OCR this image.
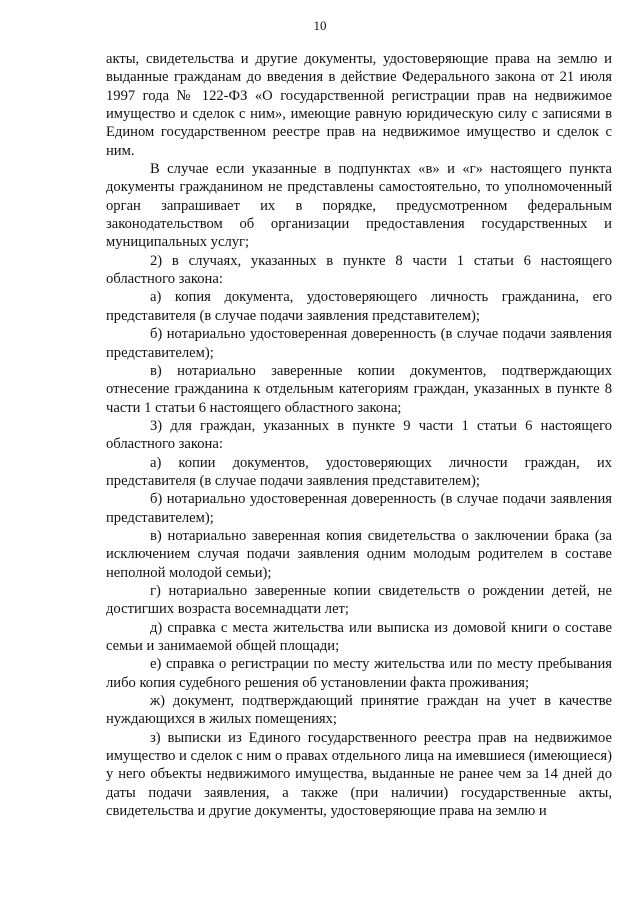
10

акты, свидетельства и другие документы, удостоверяющие права на землю и выданные гражданам до введения в действие Федерального закона от 21 июля 1997 года № 122-ФЗ «О государственной регистрации прав на недвижимое имущество и сделок с ним», имеющие равную юридическую силу с записями в Едином государственном реестре прав на недвижимое имущество и сделок с ним.

В случае если указанные в подпунктах «в» и «г» настоящего пункта документы гражданином не представлены самостоятельно, то уполномоченный орган запрашивает их в порядке, предусмотренном федеральным законодательством об организации предоставления государственных и муниципальных услуг;

2) в случаях, указанных в пункте 8 части 1 статьи 6 настоящего областного закона:

а) копия документа, удостоверяющего личность гражданина, его представителя (в случае подачи заявления представителем);

б) нотариально удостоверенная доверенность (в случае подачи заявления представителем);

в) нотариально заверенные копии документов, подтверждающих отнесение гражданина к отдельным категориям граждан, указанных в пункте 8 части 1 статьи 6 настоящего областного закона;

3) для граждан, указанных в пункте 9 части 1 статьи 6 настоящего областного закона:

а) копии документов, удостоверяющих личности граждан, их представителя (в случае подачи заявления представителем);

б) нотариально удостоверенная доверенность (в случае подачи заявления представителем);

в) нотариально заверенная копия свидетельства о заключении брака (за исключением случая подачи заявления одним молодым родителем в составе неполной молодой семьи);

г) нотариально заверенные копии свидетельств о рождении детей, не достигших возраста восемнадцати лет;

д) справка с места жительства или выписка из домовой книги о составе семьи и занимаемой общей площади;

е) справка о регистрации по месту жительства или по месту пребывания либо копия судебного решения об установлении факта проживания;

ж) документ, подтверждающий принятие граждан на учет в качестве нуждающихся в жилых помещениях;

з) выписки из Единого государственного реестра прав на недвижимое имущество и сделок с ним о правах отдельного лица на имевшиеся (имеющиеся) у него объекты недвижимого имущества, выданные не ранее чем за 14 дней до даты подачи заявления, а также (при наличии) государственные акты, свидетельства и другие документы, удостоверяющие права на землю и
